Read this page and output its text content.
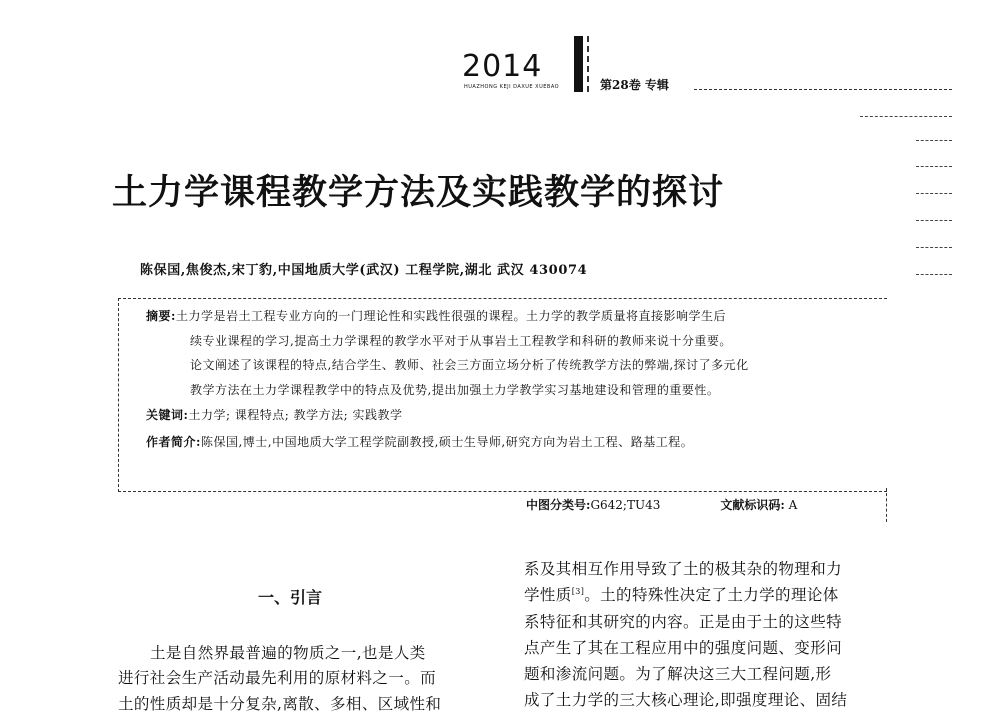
2014
HUAZHONG KEJI DAXUE XUEBAO	第28卷 专辑
土力学课程教学方法及实践教学的探讨
陈保国,焦俊杰,宋丁豹,中国地质大学(武汉) 工程学院,湖北 武汉 430074
摘要:土力学是岩土工程专业方向的一门理论性和实践性很强的课程。土力学的教学质量将直接影响学生后
续专业课程的学习,提高土力学课程的教学水平对于从事岩土工程教学和科研的教师来说十分重要。
论文阐述了该课程的特点,结合学生、教师、社会三方面立场分析了传统教学方法的弊端,探讨了多元化
教学方法在土力学课程教学中的特点及优势,提出加强土力学教学实习基地建设和管理的重要性。
关键词:土力学; 课程特点; 教学方法; 实践教学
作者简介:陈保国,博士,中国地质大学工程学院副教授,硕士生导师,研究方向为岩土工程、路基工程。
中图分类号:G642;TU43	文献标识码: A
一、引言
土是自然界最普遍的物质之一,也是人类
进行社会生产活动最先利用的原材料之一。而
土的性质却是十分复杂,离散、多相、区域性和
系及其相互作用导致了土的极其杂的物理和力
学性质[3]。土的特殊性决定了土力学的理论体
系特征和其研究的内容。正是由于土的这些特
点产生了其在工程应用中的强度问题、变形问
题和渗流问题。为了解决这三大工程问题,形
成了土力学的三大核心理论,即强度理论、固结
